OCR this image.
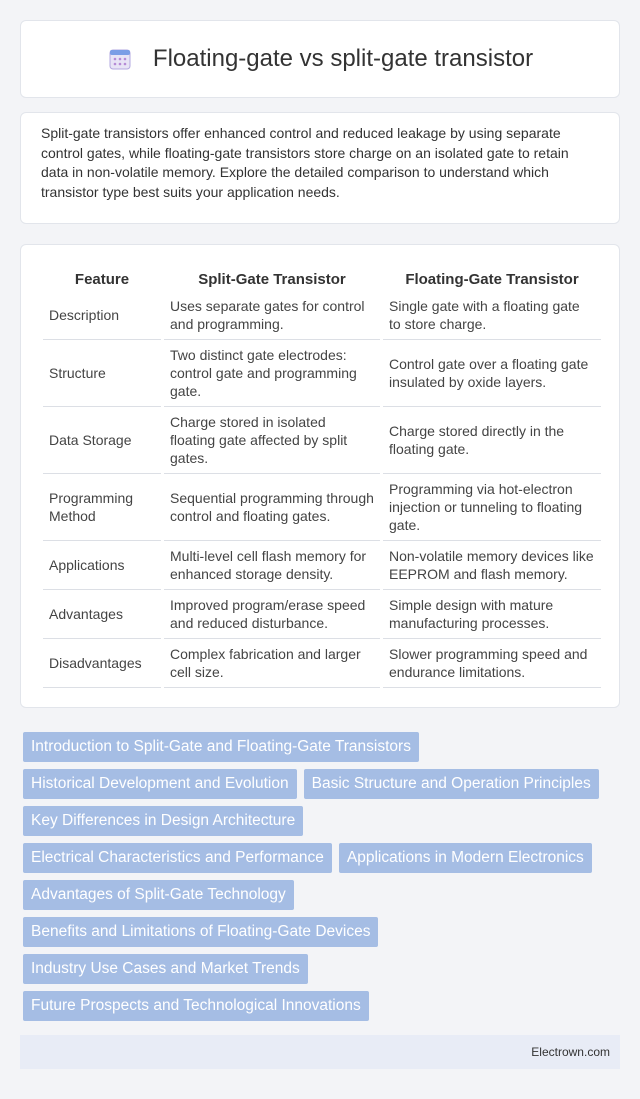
Floating-gate vs split-gate transistor

Split-gate transistors offer enhanced control and reduced leakage by using separate control gates, while floating-gate transistors store charge on an isolated gate to retain data in non-volatile memory. Explore the detailed comparison to understand which transistor type best suits your application needs.

Feature	Split-Gate Transistor	Floating-Gate Transistor
Description	Uses separate gates for control and programming.	Single gate with a floating gate to store charge.
Structure	Two distinct gate electrodes: control gate and programming gate.	Control gate over a floating gate insulated by oxide layers.
Data Storage	Charge stored in isolated floating gate affected by split gates.	Charge stored directly in the floating gate.
Programming Method	Sequential programming through control and floating gates.	Programming via hot-electron injection or tunneling to floating gate.
Applications	Multi-level cell flash memory for enhanced storage density.	Non-volatile memory devices like EEPROM and flash memory.
Advantages	Improved program/erase speed and reduced disturbance.	Simple design with mature manufacturing processes.
Disadvantages	Complex fabrication and larger cell size.	Slower programming speed and endurance limitations.
Introduction to Split-Gate and Floating-Gate Transistors
Historical Development and Evolution	Basic Structure and Operation Principles
Key Differences in Design Architecture
Electrical Characteristics and Performance	Applications in Modern Electronics
Advantages of Split-Gate Technology
Benefits and Limitations of Floating-Gate Devices
Industry Use Cases and Market Trends
Future Prospects and Technological Innovations
Electrown.com
